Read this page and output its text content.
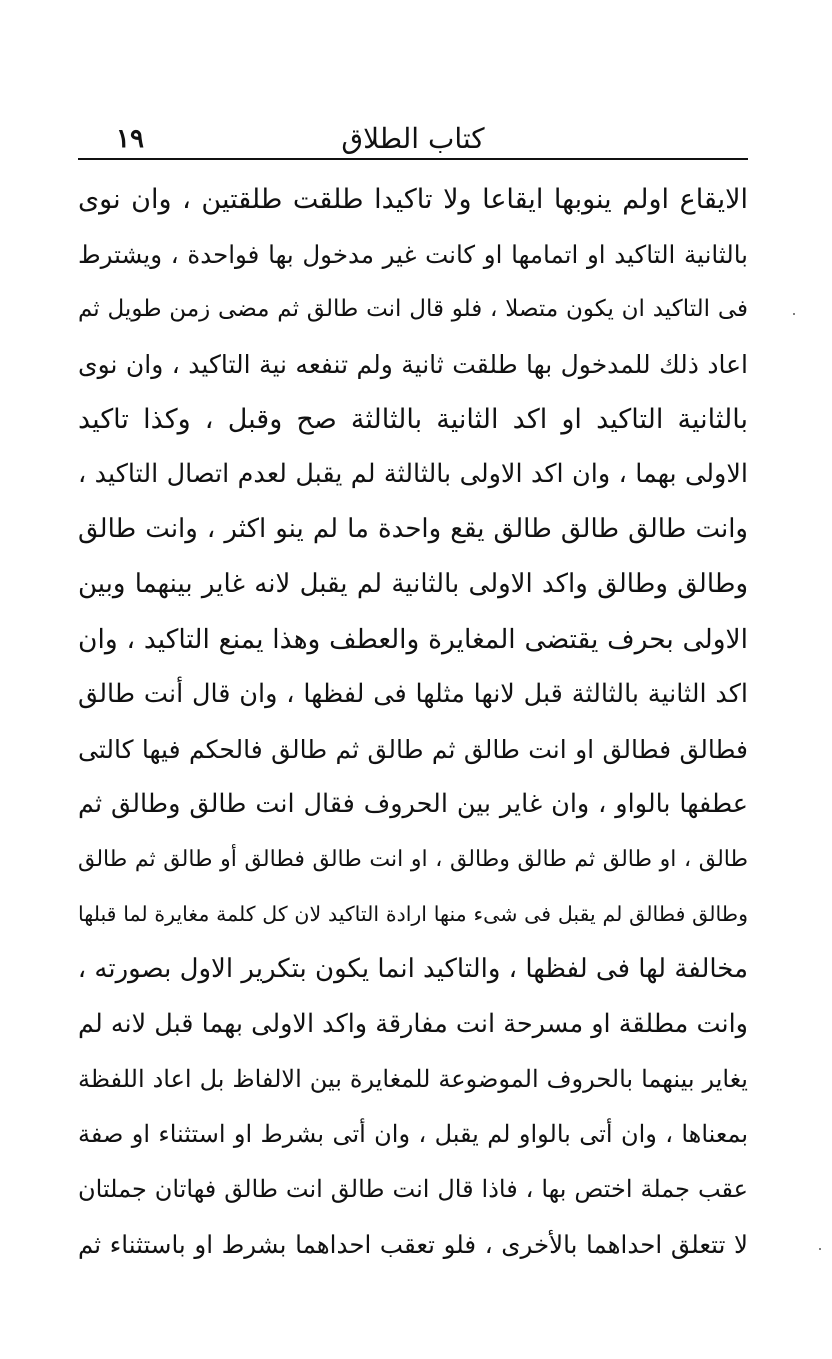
١٩	كتاب الطلاق
الايقاع اولم ينوبها ايقاعا ولا تاكيدا طلقت طلقتين ، وان نوى
بالثانية التاكيد او اتمامها او كانت غير مدخول بها فواحدة ، ويشترط
فى التاكيد ان يكون متصلا ، فلو قال انت طالق ثم مضى زمن طويل ثم
اعاد ذلك للمدخول بها طلقت ثانية ولم تنفعه نية التاكيد ، وان نوى
بالثانية التاكيد او اكد الثانية بالثالثة صح وقبل ، وكذا تاكيد
الاولى بهما ، وان اكد الاولى بالثالثة لم يقبل لعدم اتصال التاكيد ،
وانت طالق طالق طالق يقع واحدة ما لم ينو اكثر ، وانت طالق
وطالق وطالق واكد الاولى بالثانية لم يقبل لانه غاير بينهما وبين
الاولى بحرف يقتضى المغايرة والعطف وهذا يمنع التاكيد ، وان
اكد الثانية بالثالثة قبل لانها مثلها فى لفظها ، وان قال أنت طالق
فطالق فطالق او انت طالق ثم طالق ثم طالق فالحكم فيها كالتى
عطفها بالواو ، وان غاير بين الحروف فقال انت طالق وطالق ثم
طالق ، او طالق ثم طالق وطالق ، او انت طالق فطالق أو طالق ثم طالق
وطالق فطالق لم يقبل فى شىء منها ارادة التاكيد لان كل كلمة مغايرة لما قبلها
مخالفة لها فى لفظها ، والتاكيد انما يكون بتكرير الاول بصورته ،
وانت مطلقة او مسرحة انت مفارقة واكد الاولى بهما قبل لانه لم
يغاير بينهما بالحروف الموضوعة للمغايرة بين الالفاظ بل اعاد اللفظة
بمعناها ، وان أتى بالواو لم يقبل ، وان أتى بشرط او استثناء او صفة
عقب جملة اختص بها ، فاذا قال انت طالق انت طالق فهاتان جملتان
لا تتعلق احداهما بالأخرى ، فلو تعقب احداهما بشرط او باستثناء ثم
